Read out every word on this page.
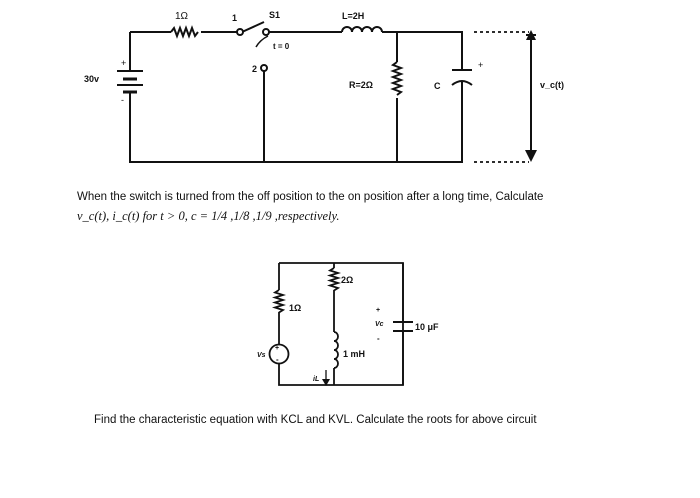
1Ω	1	S1	L=2H
t = 0
2
30v
+
-
R=2Ω	C
+
v_c(t)
+
-
1Ω
2Ω
1 mH
10 μF
+
Vc
-
Vs
iL
When the switch is turned from the off position to the on position after a long time, Calculate
v_c(t), i_c(t) for t > 0, c = 1/4 ,1/8 ,1/9 ,respectively.
Find the characteristic equation with KCL and KVL. Calculate the roots for above circuit
